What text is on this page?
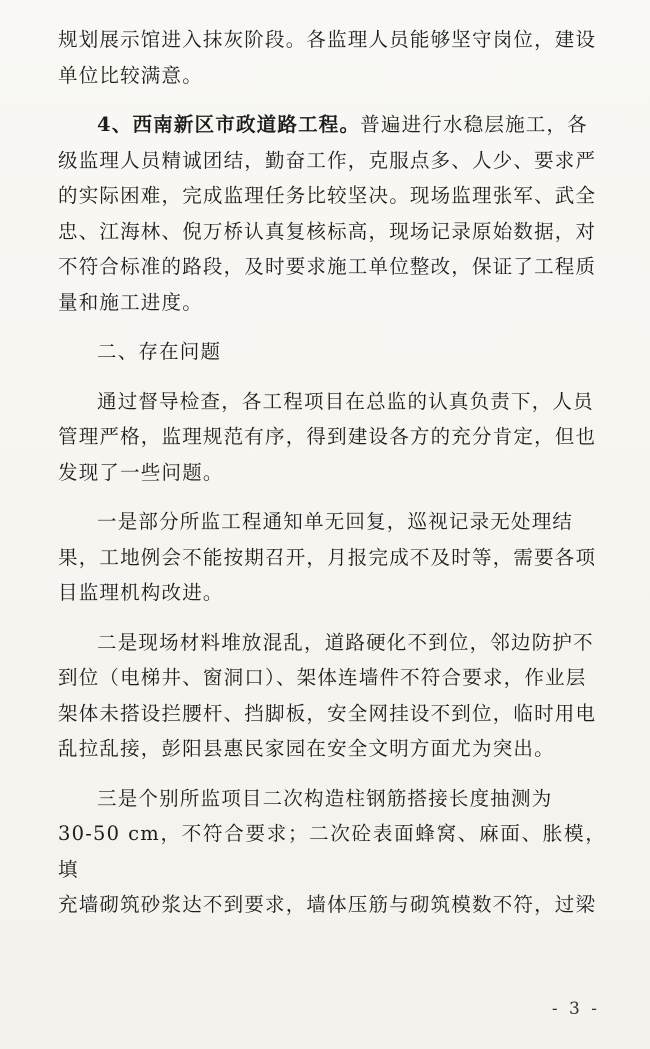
规划展示馆进入抹灰阶段。各监理人员能够坚守岗位，建设
单位比较满意。

4、西南新区市政道路工程。普遍进行水稳层施工，各
级监理人员精诚团结，勤奋工作，克服点多、人少、要求严
的实际困难，完成监理任务比较坚决。现场监理张军、武全
忠、江海林、倪万桥认真复核标高，现场记录原始数据，对
不符合标准的路段，及时要求施工单位整改，保证了工程质
量和施工进度。

二、存在问题

通过督导检查，各工程项目在总监的认真负责下，人员
管理严格，监理规范有序，得到建设各方的充分肯定，但也
发现了一些问题。

一是部分所监工程通知单无回复，巡视记录无处理结
果，工地例会不能按期召开，月报完成不及时等，需要各项
目监理机构改进。

二是现场材料堆放混乱，道路硬化不到位，邻边防护不
到位（电梯井、窗洞口）、架体连墙件不符合要求，作业层
架体未搭设拦腰杆、挡脚板，安全网挂设不到位，临时用电
乱拉乱接，彭阳县惠民家园在安全文明方面尤为突出。

三是个别所监项目二次构造柱钢筋搭接长度抽测为
30-50 cm，不符合要求；二次砼表面蜂窝、麻面、胀模，填
充墙砌筑砂浆达不到要求，墙体压筋与砌筑模数不符，过梁

- 3 -
